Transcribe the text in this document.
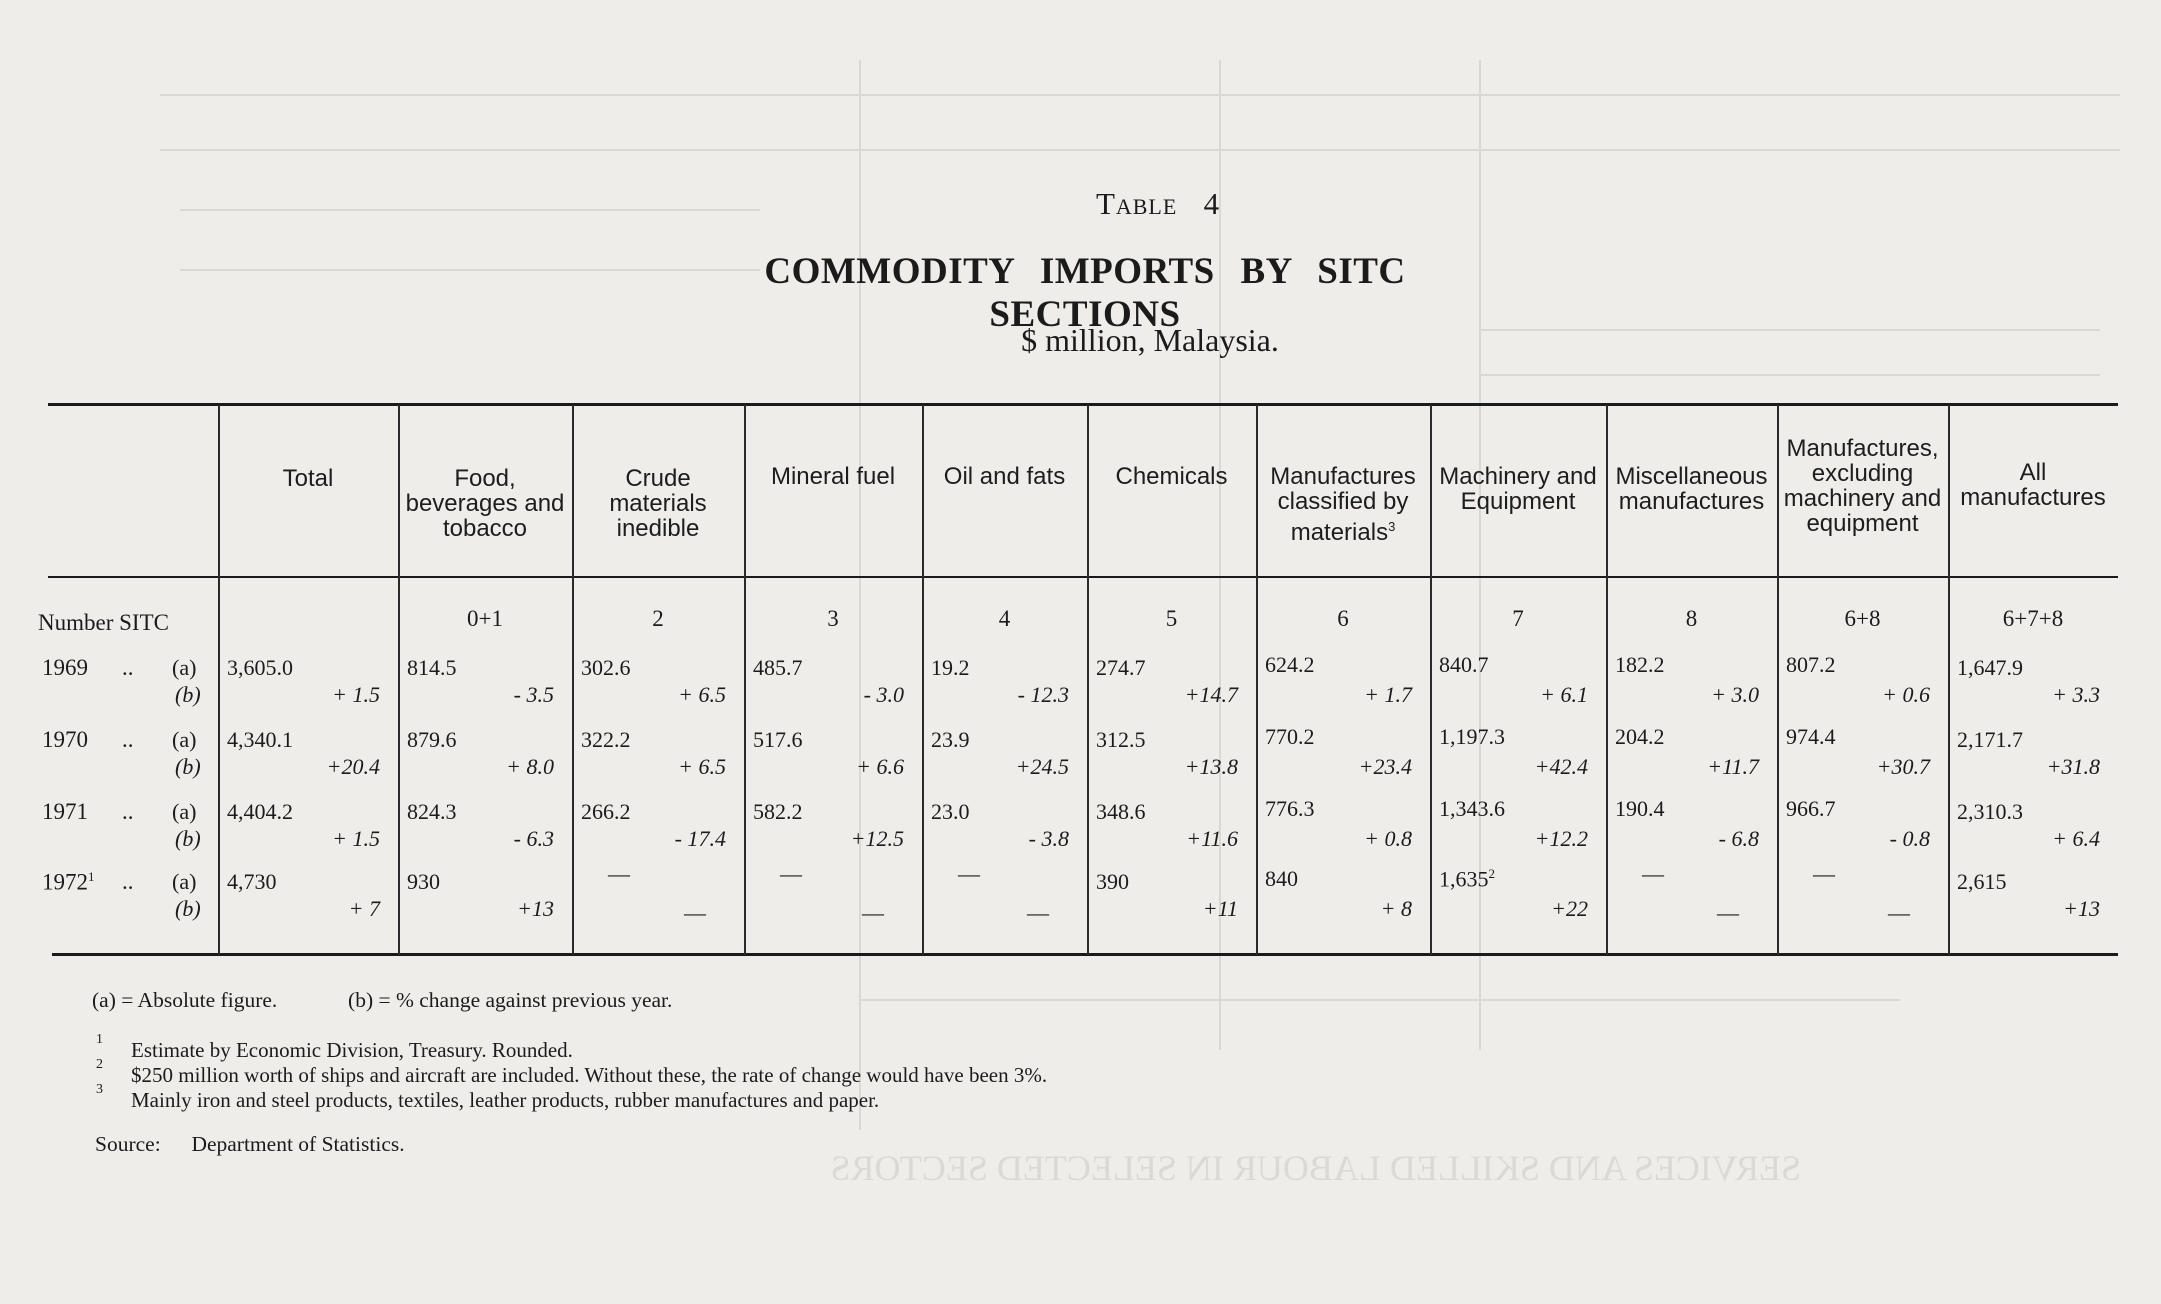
SERVICES AND SKILLED LABOUR IN SELECTED SECTORS
Table 4
COMMODITY IMPORTS BY SITC SECTIONS
$ million, Malaysia.
Total	Food, beverages and tobacco
0+1
Crude materials inedible
2
Mineral fuel
3
Oil and fats
4
Chemicals
5
Manufactures classified by materials$^3$
6
Machinery and Equipment
7
Miscellaneous manufactures
8
Manufactures, excluding machinery and equipment
6+8
All manufactures
6+7+8
Number SITC
1969 .. (a)
(b)
3,605.0
+ 1.5
814.5
- 3.5
302.6
+ 6.5
485.7
- 3.0
19.2
- 12.3
274.7
+14.7
624.2
+ 1.7
840.7
+ 6.1
182.2
+ 3.0
807.2
+ 0.6
1,647.9
+ 3.3
1970 .. (a)
(b)
4,340.1
+20.4
879.6
+ 8.0
322.2
+ 6.5
517.6
+ 6.6
23.9
+24.5
312.5
+13.8
770.2
+23.4
1,197.3
+42.4
204.2
+11.7
974.4
+30.7
2,171.7
+31.8
1971 .. (a)
(b)
4,404.2
+ 1.5
824.3
- 6.3
266.2
- 17.4
582.2
+12.5
23.0
- 3.8
348.6
+11.6
776.3
+ 0.8
1,343.6
+12.2
190.4
- 6.8
966.7
- 0.8
2,310.3
+ 6.4
1972$^1$ .. (a)
(b)
4,730
+ 7
930
+13
—
—
—
—
—
—
390
+11
840
+ 8
$1,635^2$
+22
—
—
—
—
2,615
+13
(a) = Absolute figure.	(b) = % change against previous year.
1 Estimate by Economic Division, Treasury. Rounded.
2 $250 million worth of ships and aircraft are included. Without these, the rate of change would have been 3%.
3 Mainly iron and steel products, textiles, leather products, rubber manufactures and paper.
Source: Department of Statistics.
